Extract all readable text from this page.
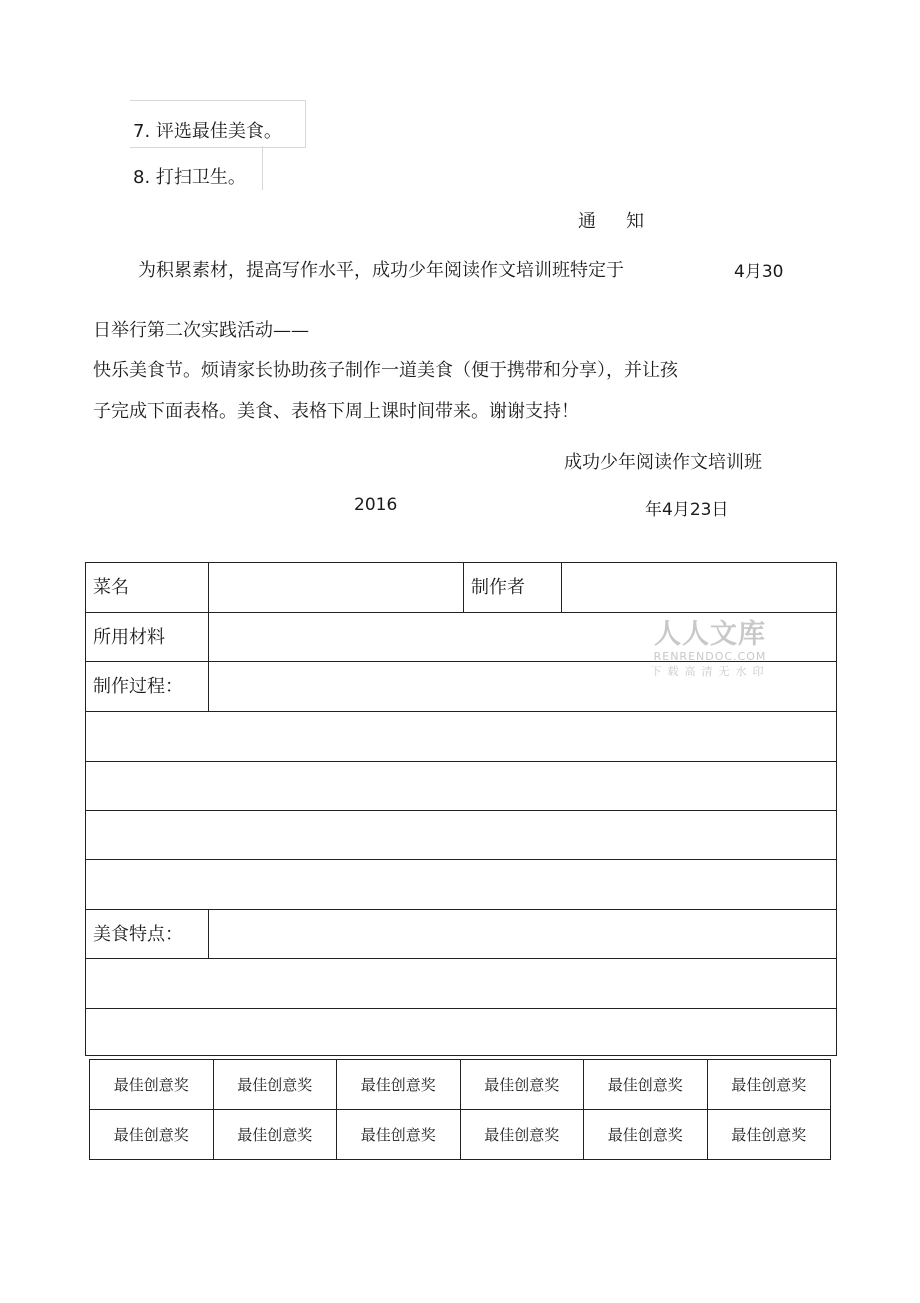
7. 评选最佳美食。
8. 打扫卫生。
通　知
为积累素材，提高写作水平，成功少年阅读作文培训班特定于	4月30
日举行第二次实践活动——
快乐美食节。烦请家长协助孩子制作一道美食（便于携带和分享），并让孩
子完成下面表格。美食、表格下周上课时间带来。谢谢支持！
成功少年阅读作文培训班
2016	年4月23日
菜名	制作者
所用材料
制作过程：
美食特点：
人人文库
RENRENDOC.COM
下载高清无水印
最佳创意奖	最佳创意奖	最佳创意奖	最佳创意奖	最佳创意奖	最佳创意奖
最佳创意奖	最佳创意奖	最佳创意奖	最佳创意奖	最佳创意奖	最佳创意奖
